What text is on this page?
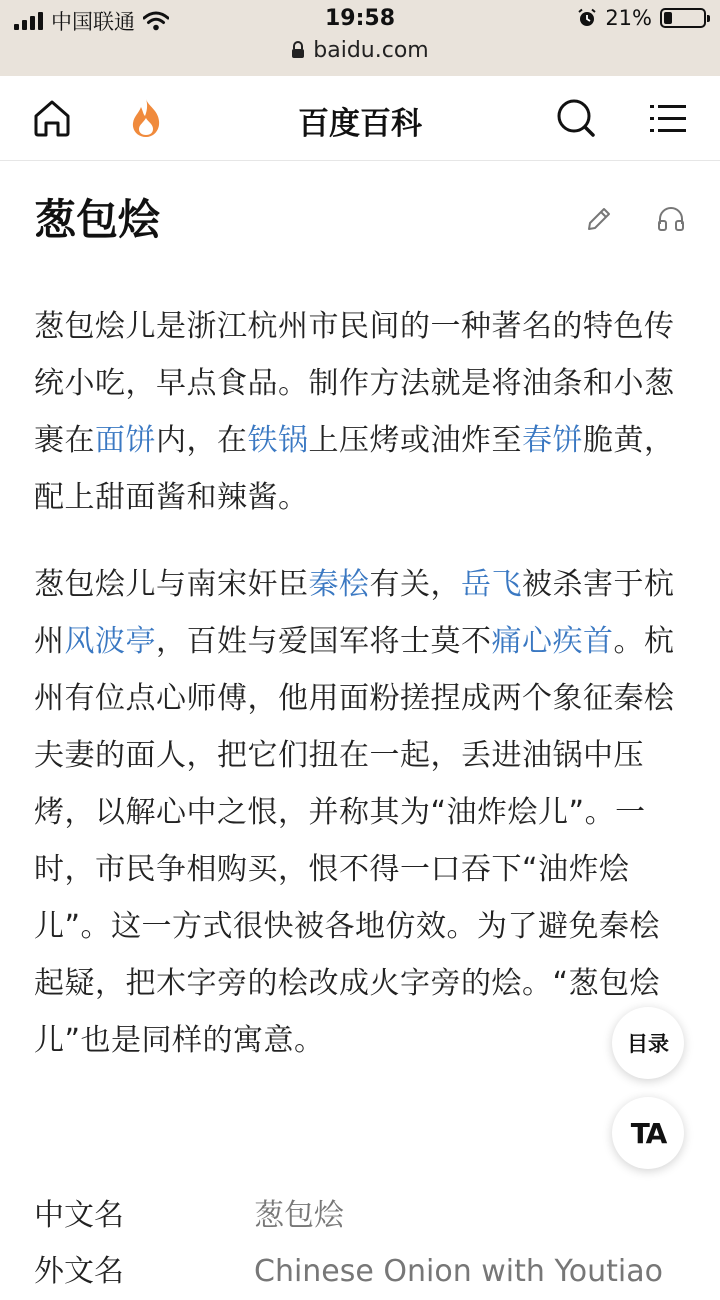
中国联通	19:58	21%
baidu.com
百度百科
葱包烩

葱包烩儿是浙江杭州市民间的一种著名的特色传统小吃，早点食品。制作方法就是将油条和小葱裹在面饼内，在铁锅上压烤或油炸至春饼脆黄，配上甜面酱和辣酱。

葱包烩儿与南宋奸臣秦桧有关，岳飞被杀害于杭州风波亭，百姓与爱国军将士莫不痛心疾首。杭州有位点心师傅，他用面粉搓捏成两个象征秦桧夫妻的面人，把它们扭在一起，丢进油锅中压烤，以解心中之恨，并称其为“油炸烩儿”。一时，市民争相购买，恨不得一口吞下“油炸烩儿”。这一方式很快被各地仿效。为了避免秦桧起疑，把木字旁的桧改成火字旁的烩。“葱包烩儿”也是同样的寓意。

中文名	葱包烩
外文名	Chinese Onion with Youtiao
目录
TA
